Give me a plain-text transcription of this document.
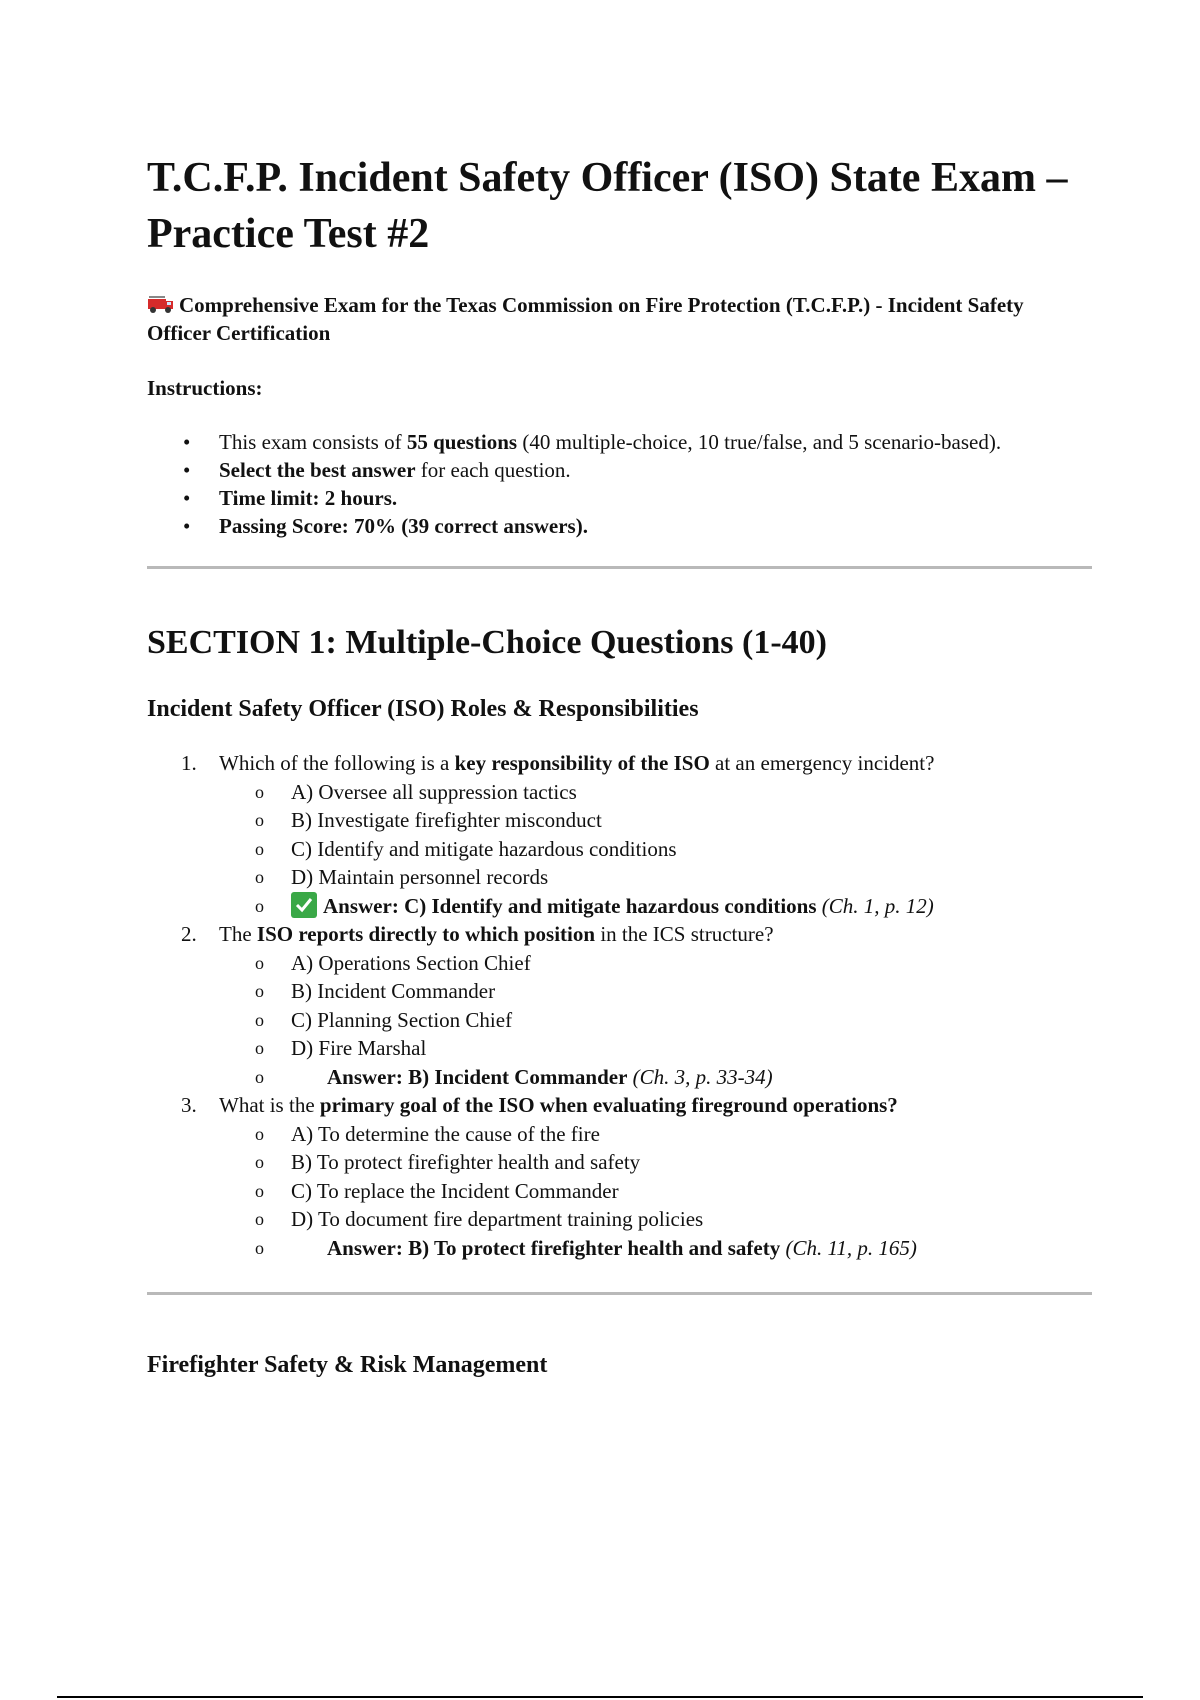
T.C.F.P. Incident Safety Officer (ISO) State Exam – Practice Test #2
Comprehensive Exam for the Texas Commission on Fire Protection (T.C.F.P.) - Incident Safety Officer Certification
Instructions:
• This exam consists of 55 questions (40 multiple-choice, 10 true/false, and 5 scenario-based).
• Select the best answer for each question.
• Time limit: 2 hours.
• Passing Score: 70% (39 correct answers).
SECTION 1: Multiple-Choice Questions (1-40)
Incident Safety Officer (ISO) Roles & Responsibilities
1. Which of the following is a key responsibility of the ISO at an emergency incident?
o A) Oversee all suppression tactics
o B) Investigate firefighter misconduct
o C) Identify and mitigate hazardous conditions
o D) Maintain personnel records
o	Answer: C) Identify and mitigate hazardous conditions (Ch. 1, p. 12)
2. The ISO reports directly to which position in the ICS structure?
o A) Operations Section Chief
o B) Incident Commander
o C) Planning Section Chief
o D) Fire Marshal
o	Answer: B) Incident Commander (Ch. 3, p. 33-34)
3. What is the primary goal of the ISO when evaluating fireground operations?
o A) To determine the cause of the fire
o B) To protect firefighter health and safety
o C) To replace the Incident Commander
o D) To document fire department training policies
o	Answer: B) To protect firefighter health and safety (Ch. 11, p. 165)
Firefighter Safety & Risk Management
